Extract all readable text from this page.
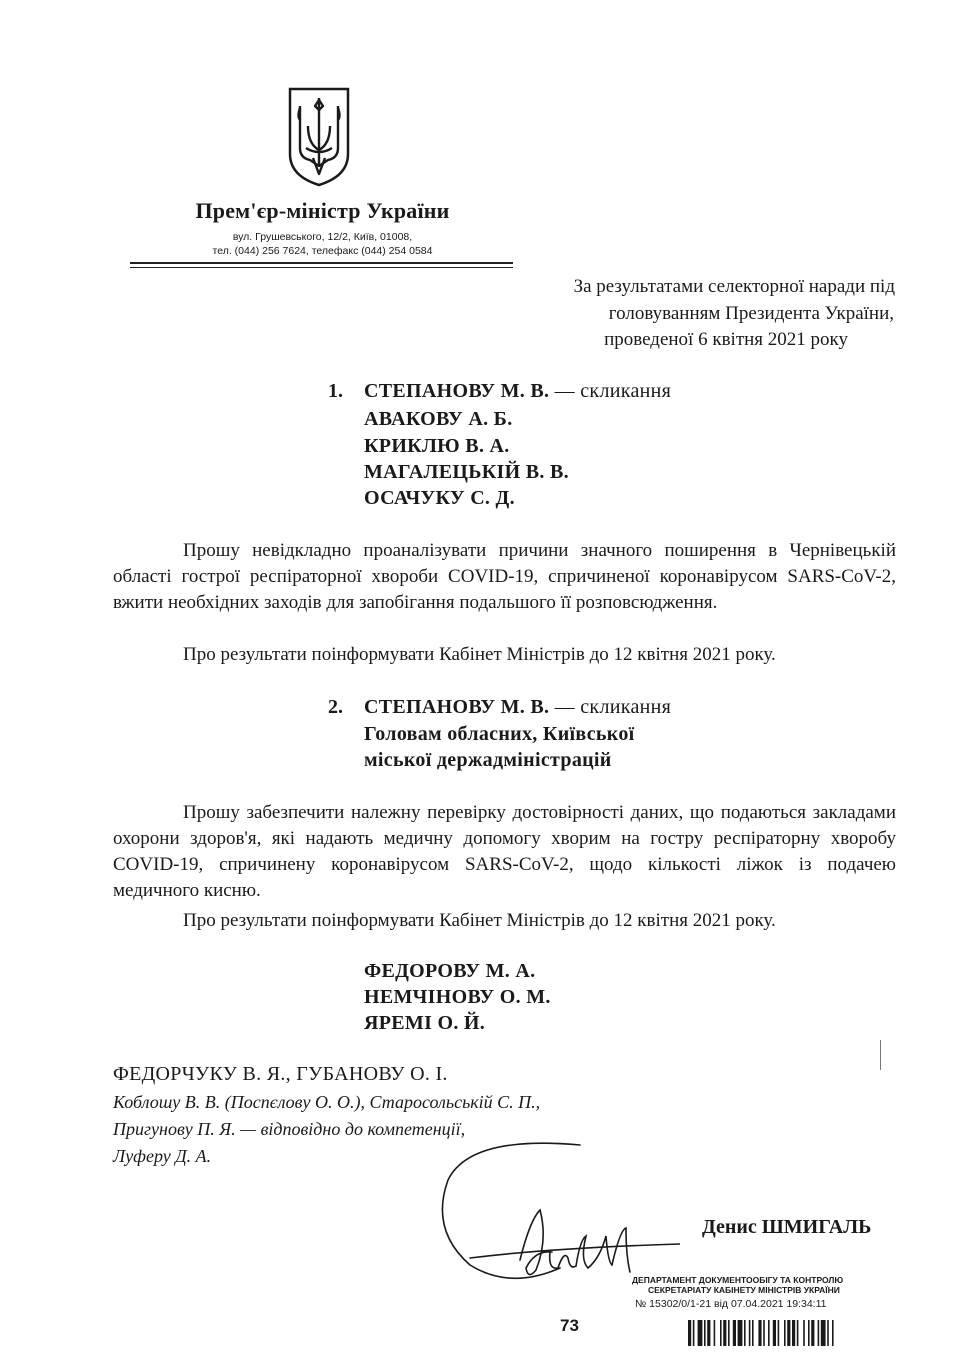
Прем'єр-міністр України
вул. Грушевського, 12/2, Київ, 01008,
тел. (044) 256 7624, телефакс (044) 254 0584
За результатами селекторної наради під
головуванням Президента України,
проведеної 6 квітня 2021 року
1. СТЕПАНОВУ М. В. — скликання
АВАКОВУ А. Б.
КРИКЛЮ В. А.
МАГАЛЕЦЬКІЙ В. В.
ОСАЧУКУ С. Д.

Прошу невідкладно проаналізувати причини значного поширення в Чернівецькій області гострої респіраторної хвороби COVID-19, спричиненої коронавірусом SARS-CoV-2, вжити необхідних заходів для запобігання подальшого її розповсюдження.

Про результати поінформувати Кабінет Міністрів до 12 квітня 2021 року.
2. СТЕПАНОВУ М. В. — скликання
Головам обласних, Київської
міської держадміністрацій

Прошу забезпечити належну перевірку достовірності даних, що подаються закладами охорони здоров'я, які надають медичну допомогу хворим на гостру респіраторну хворобу COVID-19, спричинену коронавірусом SARS-CoV-2, щодо кількості ліжок із подачею медичного кисню.

Про результати поінформувати Кабінет Міністрів до 12 квітня 2021 року.
ФЕДОРОВУ М. А.
НЕМЧІНОВУ О. М.
ЯРЕМІ О. Й.
ФЕДОРЧУКУ В. Я., ГУБАНОВУ О. І.
Коблошу В. В. (Поспєлову О. О.), Старосольській С. П.,
Пригунову П. Я. — відповідно до компетенції,
Луферу Д. А.
Денис ШМИГАЛЬ
ДЕПАРТАМЕНТ ДОКУМЕНТООБІГУ ТА КОНТРОЛЮ
СЕКРЕТАРІАТУ КАБІНЕТУ МІНІСТРІВ УКРАЇНИ
№ 15302/0/1-21 від 07.04.2021 19:34:11
73
